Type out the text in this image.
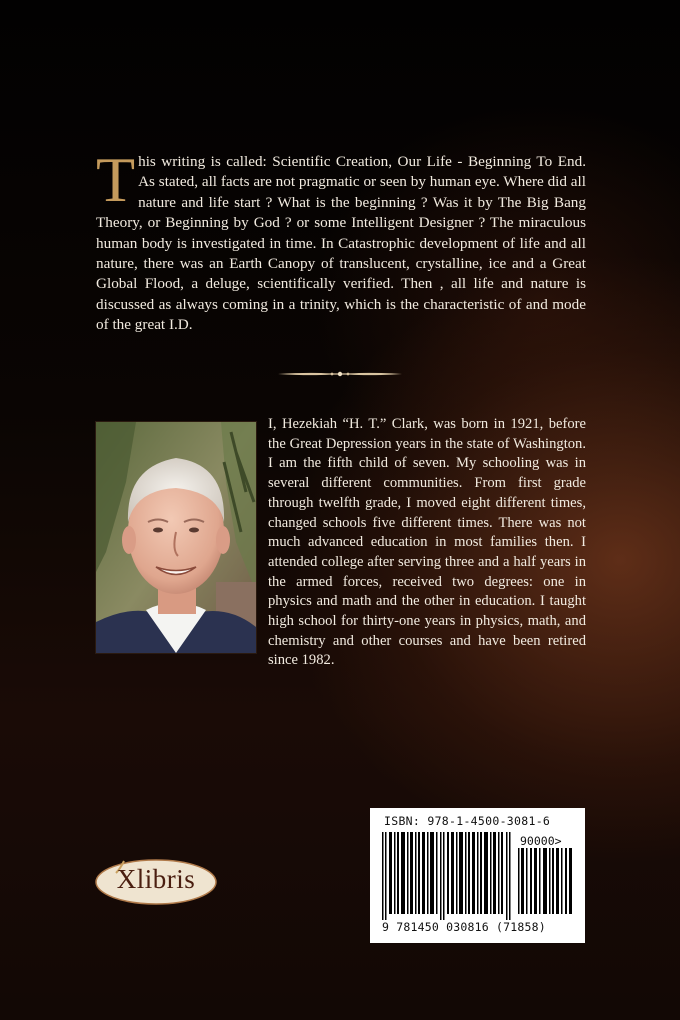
This writing is called: Scientific Creation, Our Life - Beginning To End. As stated, all facts are not pragmatic or seen by human eye. Where did all nature and life start ? What is the beginning ? Was it by The Big Bang Theory, or Beginning by God ? or some Intelligent Designer ? The miraculous human body is investigated in time. In Catastrophic development of life and all nature, there was an Earth Canopy of translucent, crystalline, ice and a Great Global Flood, a deluge, scientifically verified. Then , all life and nature is discussed as always coming in a trinity, which is the characteristic of and mode of the great I.D.

I, Hezekiah “H. T.” Clark, was born in 1921, before the Great Depression years in the state of Washington. I am the fifth child of seven. My schooling was in several different communities. From first grade through twelfth grade, I moved eight different times, changed schools five different times. There was not much advanced education in most families then. I attended college after serving three and a half years in the armed forces, received two degrees: one in physics and math and the other in education. I taught high school for thirty-one years in physics, math, and chemistry and other courses and have been retired since 1982.

ISBN: 978-1-4500-3081-6
90000>
9 781450 030816 (71858)
Xlibris
